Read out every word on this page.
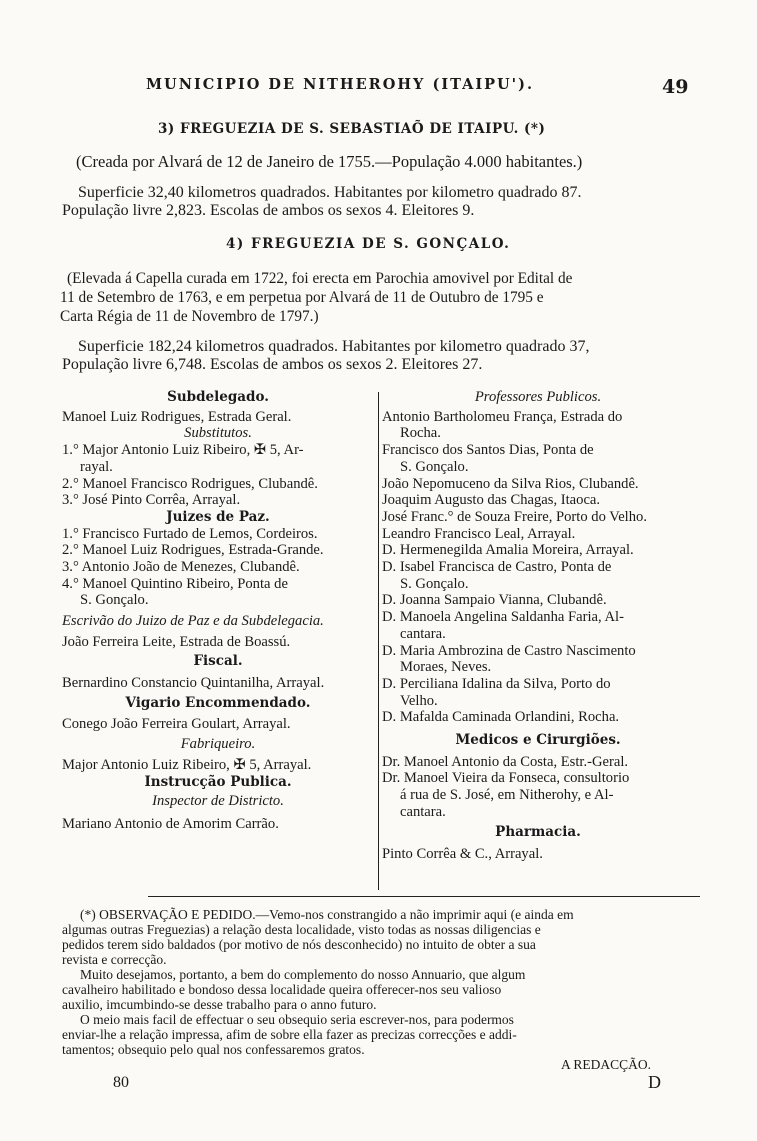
MUNICIPIO DE NITHEROHY (ITAIPU').	49
3) FREGUEZIA DE S. SEBASTIAÕ DE ITAIPU. (*)
(Creada por Alvará de 12 de Janeiro de 1755.—População 4.000 habitantes.)
Superficie 32,40 kilometros quadrados. Habitantes por kilometro quadrado 87.
População livre 2,823. Escolas de ambos os sexos 4. Eleitores 9.
4) FREGUEZIA DE S. GONÇALO.
(Elevada á Capella curada em 1722, foi erecta em Parochia amovivel por Edital de
11 de Setembro de 1763, e em perpetua por Alvará de 11 de Outubro de 1795 e
Carta Régia de 11 de Novembro de 1797.)
Superficie 182,24 kilometros quadrados. Habitantes por kilometro quadrado 37,
População livre 6,748. Escolas de ambos os sexos 2. Eleitores 27.
Subdelegado.
Manoel Luiz Rodrigues, Estrada Geral.
Substitutos.
1.° Major Antonio Luiz Ribeiro, ✠ 5, Ar-
rayal.
2.° Manoel Francisco Rodrigues, Clubandê.
3.° José Pinto Corrêa, Arrayal.
Juizes de Paz.
1.° Francisco Furtado de Lemos, Cordeiros.
2.° Manoel Luiz Rodrigues, Estrada-Grande.
3.° Antonio João de Menezes, Clubandê.
4.° Manoel Quintino Ribeiro, Ponta de
S. Gonçalo.
Escrivão do Juizo de Paz e da Subdelegacia.
João Ferreira Leite, Estrada de Boassú.
Fiscal.
Bernardino Constancio Quintanilha, Arrayal.
Vigario Encommendado.
Conego João Ferreira Goulart, Arrayal.
Fabriqueiro.
Major Antonio Luiz Ribeiro, ✠ 5, Arrayal.
Instrucção Publica.
Inspector de Districto.
Mariano Antonio de Amorim Carrão.
Professores Publicos.
Antonio Bartholomeu França, Estrada do
Rocha.
Francisco dos Santos Dias, Ponta de
S. Gonçalo.
João Nepomuceno da Silva Rios, Clubandê.
Joaquim Augusto das Chagas, Itaoca.
José Franc.° de Souza Freire, Porto do Velho.
Leandro Francisco Leal, Arrayal.
D. Hermenegilda Amalia Moreira, Arrayal.
D. Isabel Francisca de Castro, Ponta de
S. Gonçalo.
D. Joanna Sampaio Vianna, Clubandê.
D. Manoela Angelina Saldanha Faria, Al-
cantara.
D. Maria Ambrozina de Castro Nascimento
Moraes, Neves.
D. Perciliana Idalina da Silva, Porto do
Velho.
D. Mafalda Caminada Orlandini, Rocha.
Medicos e Cirurgiões.
Dr. Manoel Antonio da Costa, Estr.-Geral.
Dr. Manoel Vieira da Fonseca, consultorio
á rua de S. José, em Nitherohy, e Al-
cantara.
Pharmacia.
Pinto Corrêa & C., Arrayal.
(*) OBSERVAÇÃO E PEDIDO.—Vemo-nos constrangido a não imprimir aqui (e ainda em
algumas outras Freguezias) a relação desta localidade, visto todas as nossas diligencias e
pedidos terem sido baldados (por motivo de nós desconhecido) no intuito de obter a sua
revista e correcção.
Muito desejamos, portanto, a bem do complemento do nosso Annuario, que algum
cavalheiro habilitado e bondoso dessa localidade queira offerecer-nos seu valioso
auxilio, imcumbindo-se desse trabalho para o anno futuro.
O meio mais facil de effectuar o seu obsequio seria escrever-nos, para podermos
enviar-lhe a relação impressa, afim de sobre ella fazer as precizas correcções e addi-
tamentos; obsequio pelo qual nos confessaremos gratos.
A REDACÇÃO.
80	D
